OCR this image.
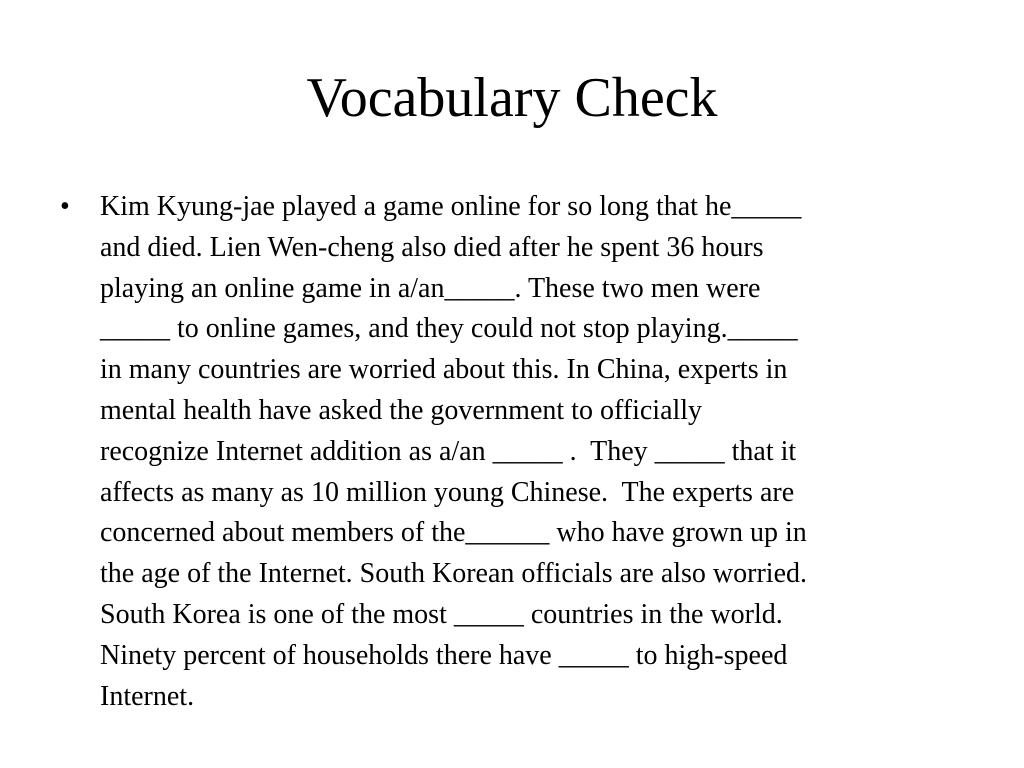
Vocabulary Check
• Kim Kyung-jae played a game online for so long that he_____
and died. Lien Wen-cheng also died after he spent 36 hours
playing an online game in a/an_____. These two men were
_____ to online games, and they could not stop playing._____
in many countries are worried about this. In China, experts in
mental health have asked the government to officially
recognize Internet addition as a/an _____ .  They _____ that it
affects as many as 10 million young Chinese.  The experts are
concerned about members of the______ who have grown up in
the age of the Internet. South Korean officials are also worried.
South Korea is one of the most _____ countries in the world.
Ninety percent of households there have _____ to high-speed
Internet.
